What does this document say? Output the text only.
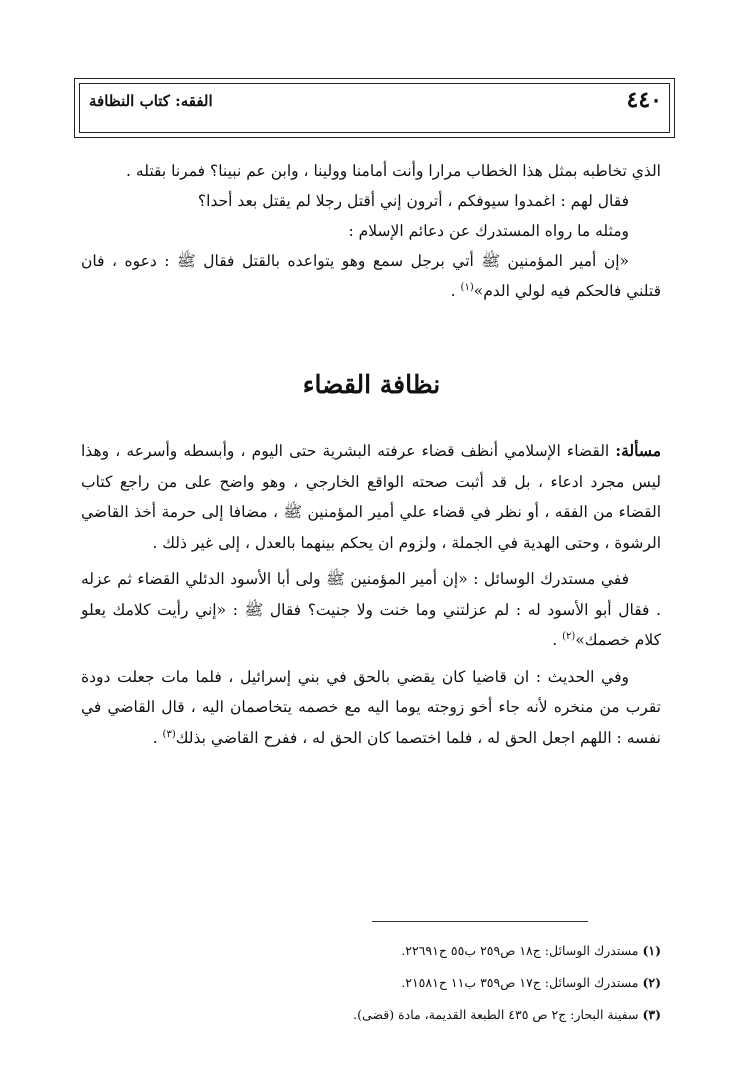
٤٤٠
الفقه: كتاب النظافة
الذي تخاطبه بمثل هذا الخطاب مرارا وأنت أمامنا وولينا ، وابن عم نبينا؟ فمرنا بقتله .
فقال لهم : اغمدوا سيوفكم ، أترون إني أقتل رجلا لم يقتل بعد أحدا؟
ومثله ما رواه المستدرك عن دعائم الإسلام :
«إن أمير المؤمنين ﷺ أتي برجل سمع وهو يتواعده بالقتل فقال ﷺ : دعوه ، فان قتلني فالحكم فيه لولي الدم»$^{(١)}$ .
نظافة القضاء
مسألة: القضاء الإسلامي أنظف قضاء عرفته البشرية حتى اليوم ، وأبسطه وأسرعه ، وهذا ليس مجرد ادعاء ، بل قد أثبت صحته الواقع الخارجي ، وهو واضح على من راجع كتاب القضاء من الفقه ، أو نظر في قضاء علي أمير المؤمنين ﷺ ، مضافا إلى حرمة أخذ القاضي الرشوة ، وحتى الهدية في الجملة ، ولزوم ان يحكم بينهما بالعدل ، إلى غير ذلك .
ففي مستدرك الوسائل : «إن أمير المؤمنين ﷺ ولى أبا الأسود الدئلي القضاء ثم عزله . فقال أبو الأسود له : لم عزلتني وما خنت ولا جنيت؟ فقال ﷺ : «إني رأيت كلامك يعلو كلام خصمك»$^{(٢)}$ .
وفي الحديث : ان قاضيا كان يقضي بالحق في بني إسرائيل ، فلما مات جعلت دودة تقرب من منخره لأنه جاء أخو زوجته يوما اليه مع خصمه يتخاصمان اليه ، قال القاضي في نفسه : اللهم اجعل الحق له ، فلما اختصما كان الحق له ، ففرح القاضي بذلك$^{(٣)}$ .
(١) مستدرك الوسائل: ج١٨ ص٢٥٩ ب٥٥ ح٢٢٦٩١.
(٢) مستدرك الوسائل: ج١٧ ص٣٥٩ ب١١ ح٢١٥٨١.
(٣) سفينة البحار: ج٢ ص ٤٣٥ الطبعة القديمة، مادة (قضى).
